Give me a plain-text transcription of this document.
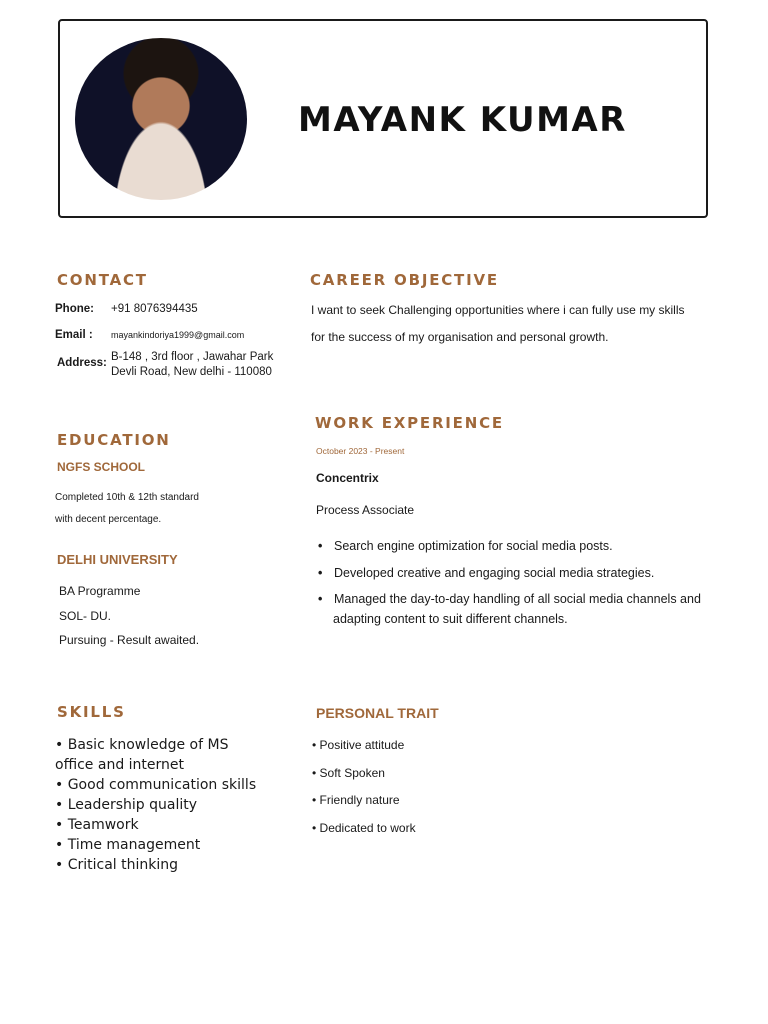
MAYANK KUMAR
CONTACT
Phone: +91 8076394435
Email : mayankindoriya1999@gmail.com
Address: B-148 , 3rd floor , Jawahar Park
Devli Road, New delhi - 110080
CAREER OBJECTIVE
I want to seek Challenging opportunities where i can fully use my skills
for the success of my organisation and personal growth.
EDUCATION
NGFS SCHOOL
Completed 10th & 12th standard
with decent percentage.
DELHI UNIVERSITY
BA Programme
SOL- DU.
Pursuing - Result awaited.
WORK EXPERIENCE
October 2023 - Present
Concentrix
Process Associate
• Search engine optimization for social media posts.
• Developed creative and engaging social media strategies.
• Managed the day-to-day handling of all social media channels and
adapting content to suit different channels.
SKILLS
• Basic knowledge of MS
office and internet
• Good communication skills
• Leadership quality
• Teamwork
• Time management
• Critical thinking
PERSONAL TRAIT
• Positive attitude
• Soft Spoken
• Friendly nature
• Dedicated to work
